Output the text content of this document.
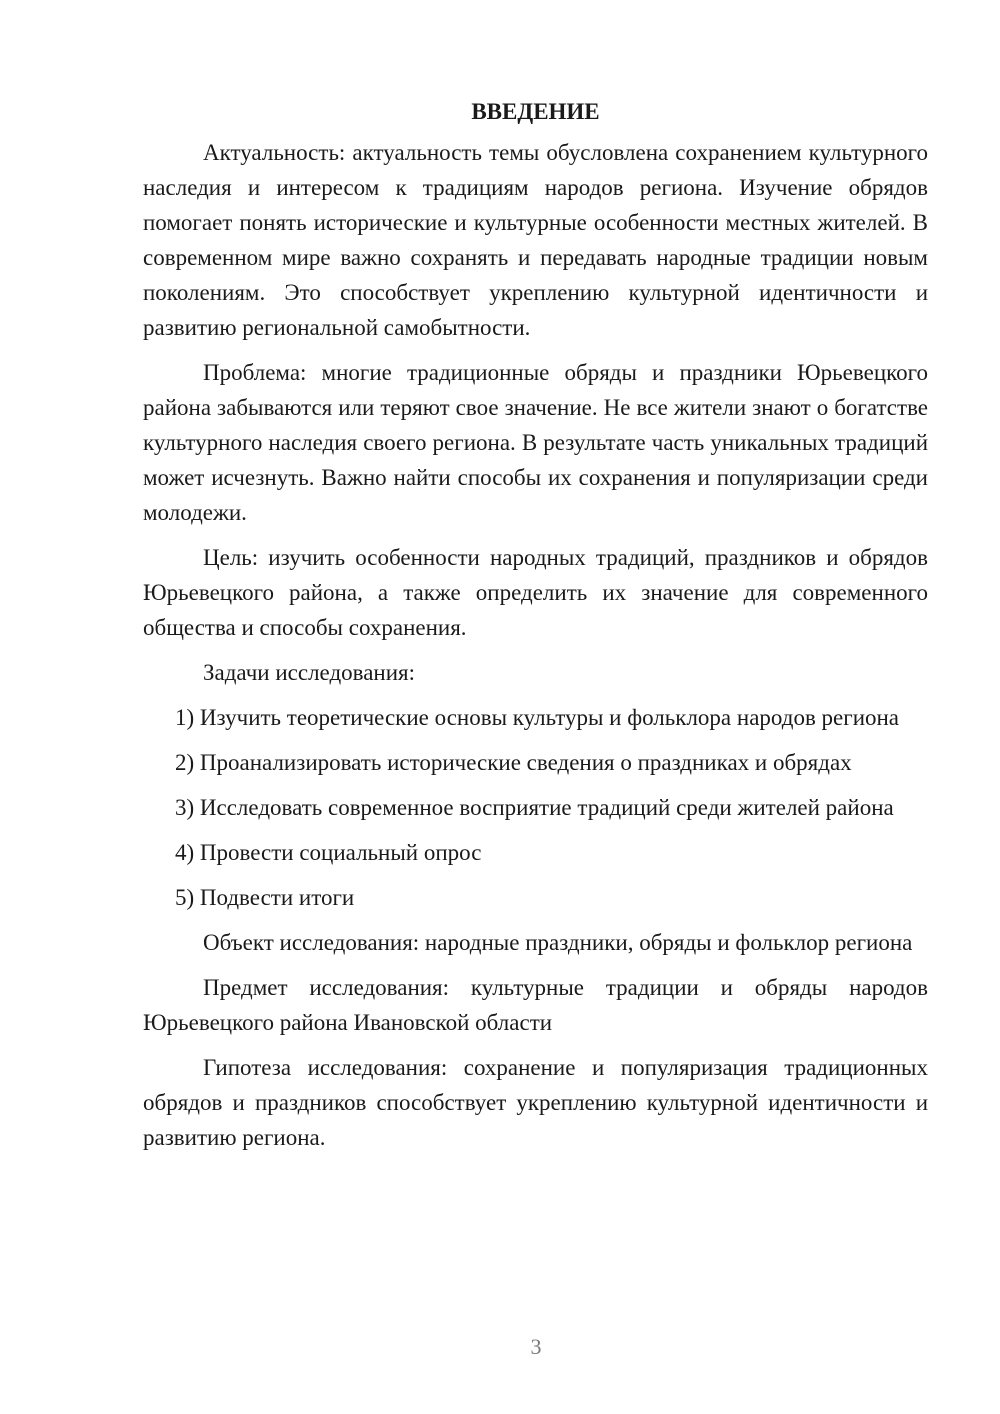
ВВЕДЕНИЕ

Актуальность: актуальность темы обусловлена сохранением культурного наследия и интересом к традициям народов региона. Изучение обрядов помогает понять исторические и культурные особенности местных жителей. В современном мире важно сохранять и передавать народные традиции новым поколениям. Это способствует укреплению культурной идентичности и развитию региональной самобытности.

Проблема: многие традиционные обряды и праздники Юрьевецкого района забываются или теряют свое значение. Не все жители знают о богатстве культурного наследия своего региона. В результате часть уникальных традиций может исчезнуть. Важно найти способы их сохранения и популяризации среди молодежи.

Цель: изучить особенности народных традиций, праздников и обрядов Юрьевецкого района, а также определить их значение для современного общества и способы сохранения.

Задачи исследования:

1) Изучить теоретические основы культуры и фольклора народов региона

2) Проанализировать исторические сведения о праздниках и обрядах

3) Исследовать современное восприятие традиций среди жителей района

4) Провести социальный опрос

5) Подвести итоги

Объект исследования: народные праздники, обряды и фольклор региона

Предмет исследования: культурные традиции и обряды народов Юрьевецкого района Ивановской области

Гипотеза исследования: сохранение и популяризация традиционных обрядов и праздников способствует укреплению культурной идентичности и развитию региона.

3
